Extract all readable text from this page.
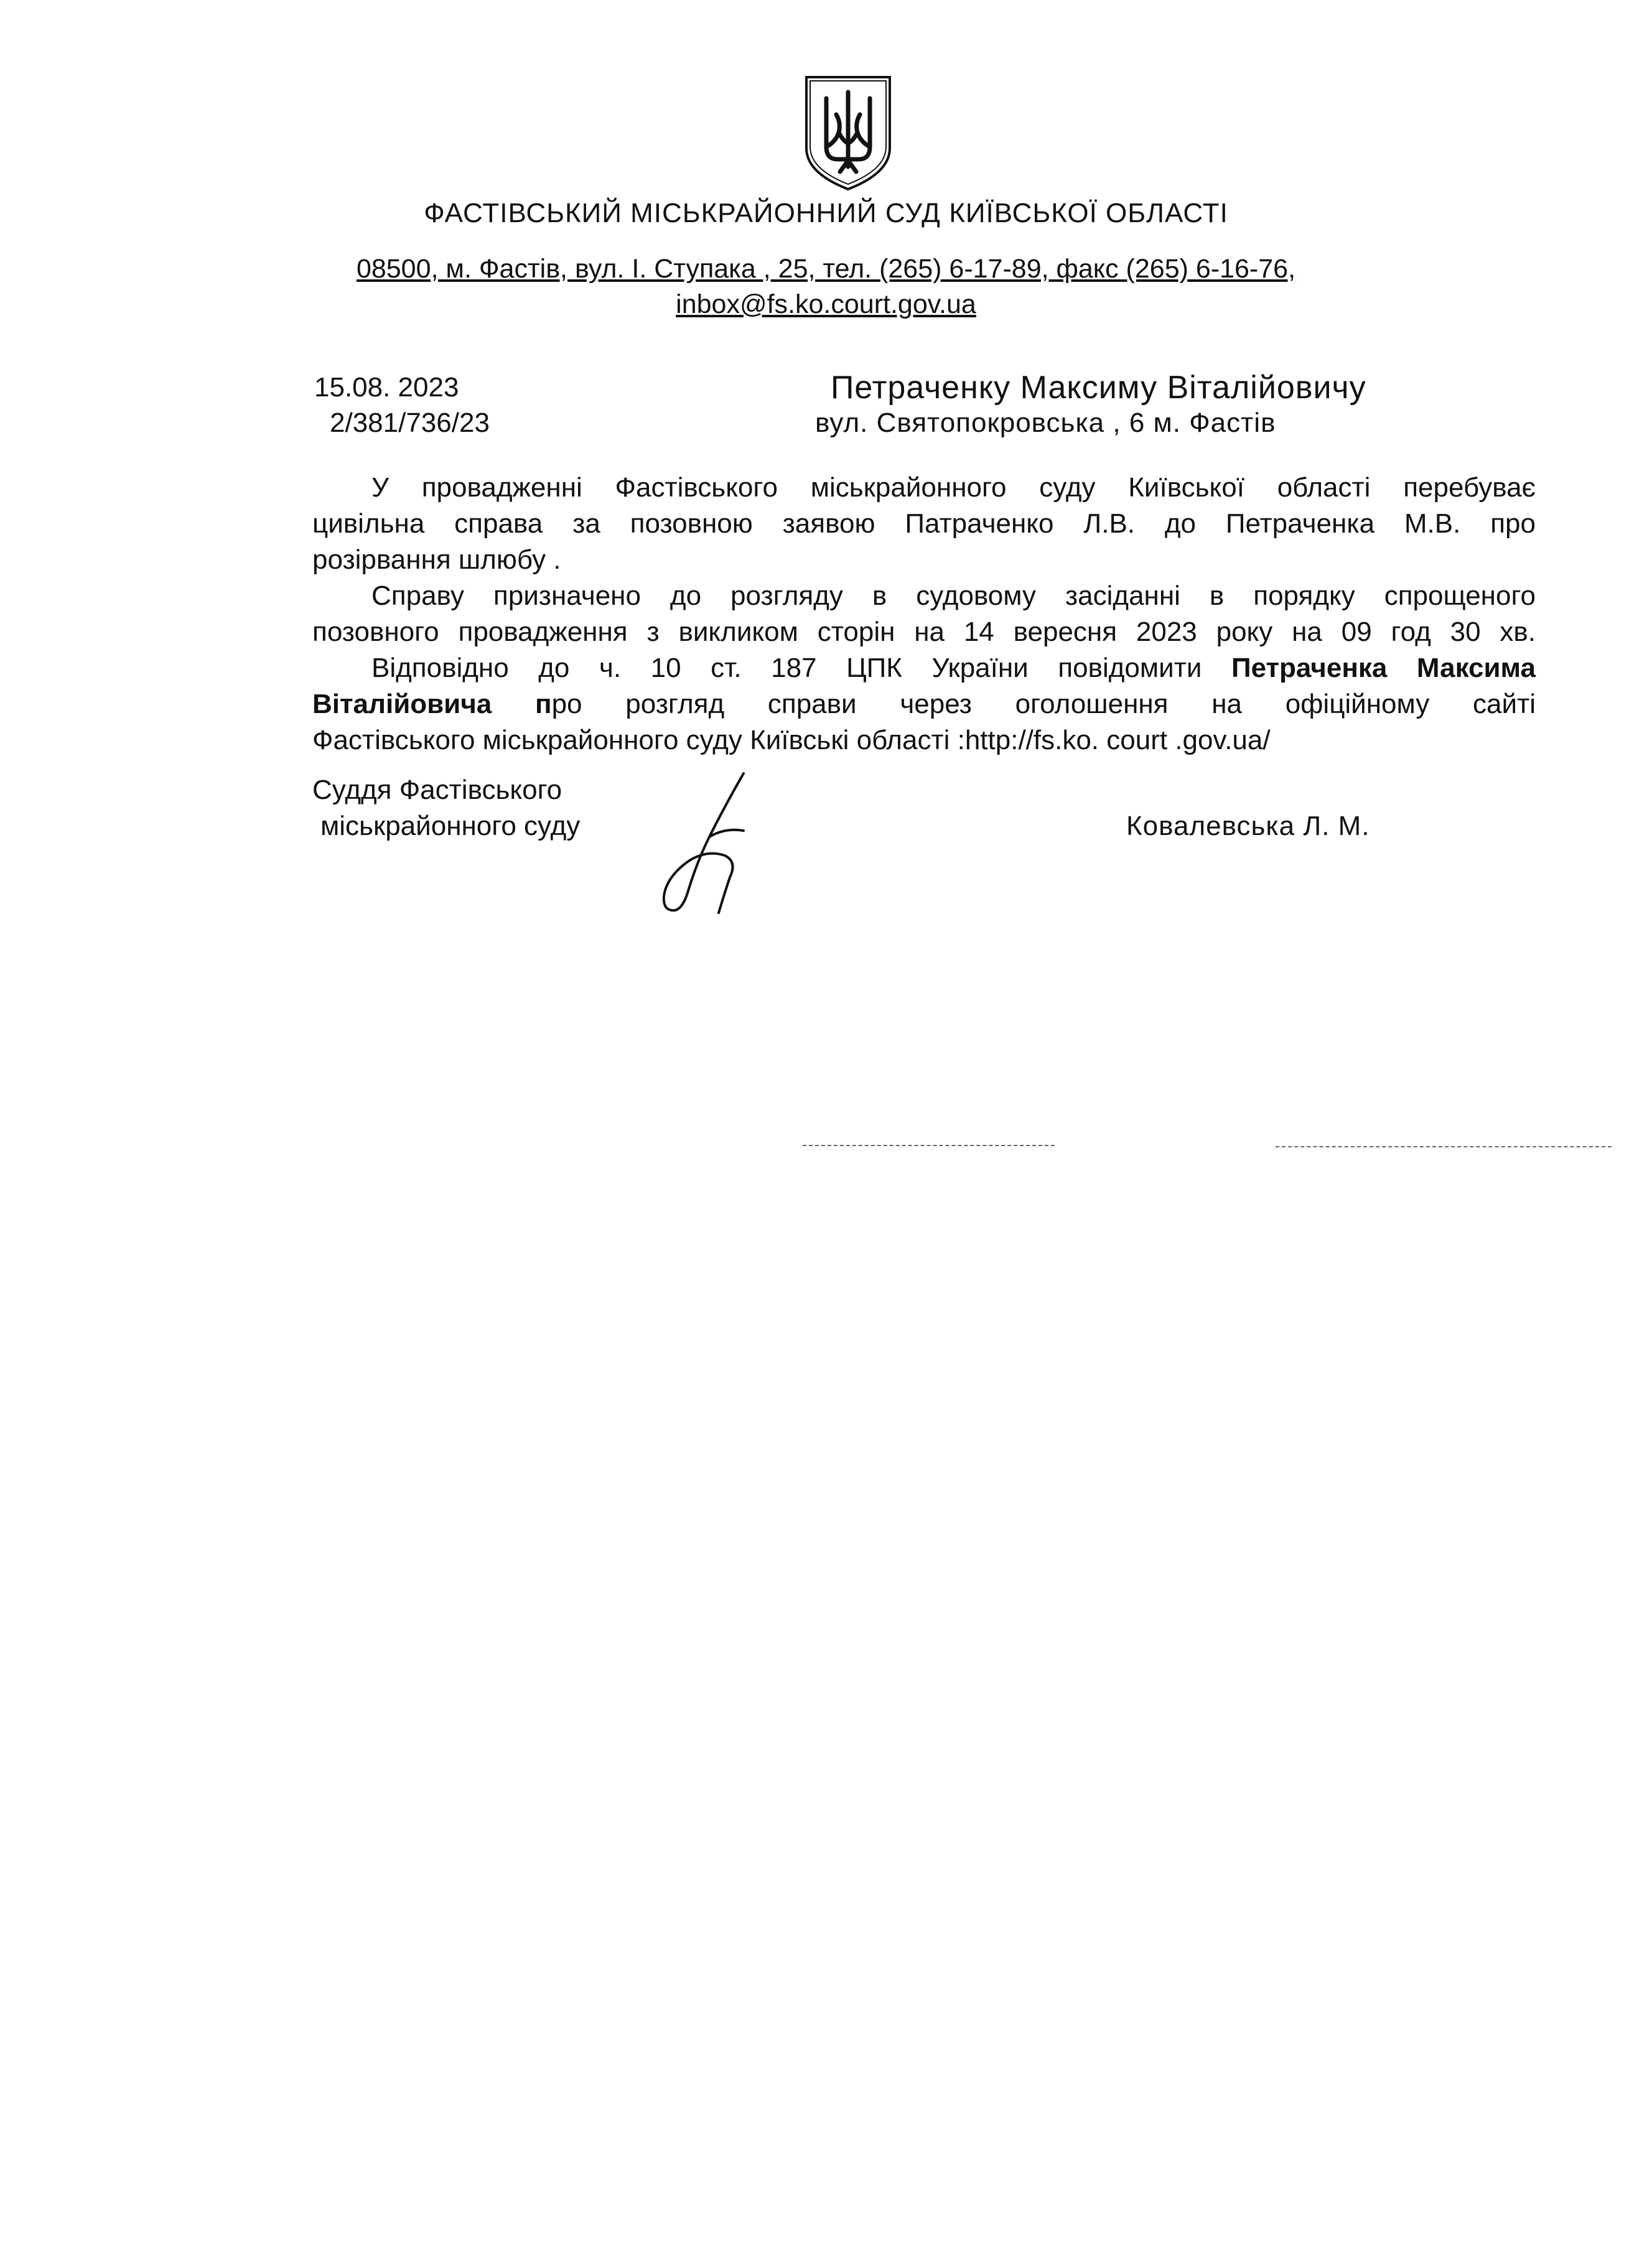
ФАСТІВСЬКИЙ МІСЬКРАЙОННИЙ СУД КИЇВСЬКОЇ ОБЛАСТІ
08500, м. Фастів, вул. І. Ступака , 25, тел. (265) 6-17-89, факс (265) 6-16-76,
inbox@fs.ko.court.gov.ua
15.08. 2023
2/381/736/23
Петраченку Максиму Віталійовичу
вул. Святопокровська , 6 м. Фастів
У провадженні Фастівського міськрайонного суду Київської області перебуває
цивільна справа за позовною заявою Патраченко Л.В. до Петраченка М.В. про
розірвання шлюбу .
Справу призначено до розгляду в судовому засіданні в порядку спрощеного
позовного провадження з викликом сторін на 14 вересня 2023 року на 09 год 30 хв.
Відповідно до ч. 10 ст. 187 ЦПК України повідомити Петраченка Максима
Віталійовича про розгляд справи через оголошення на офіційному сайті
Фастівського міськрайонного суду Київські області :http://fs.ko. court .gov.ua/
Суддя Фастівського
міськрайонного суду	Ковалевська Л. М.
